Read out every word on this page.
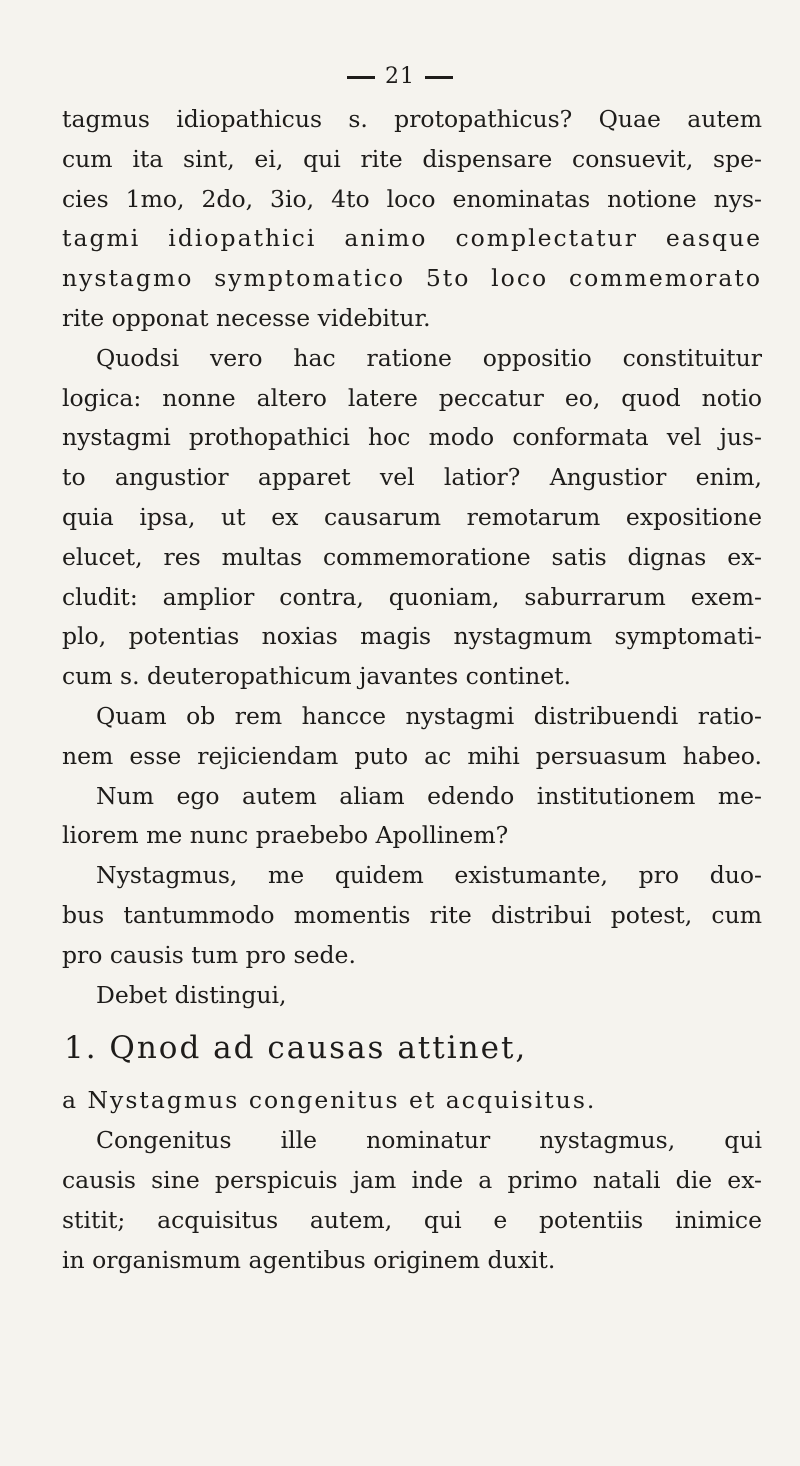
21
tagmus idiopathicus s. protopathicus? Quae autem
cum ita sint, ei, qui rite dispensare consuevit, spe-
cies 1mo, 2do, 3io, 4to loco enominatas notione nys-
tagmi idiopathici animo complectatur easque
nystagmo symptomatico 5to loco commemorato
rite opponat necesse videbitur.
Quodsi vero hac ratione oppositio constituitur
logica: nonne altero latere peccatur eo, quod notio
nystagmi prothopathici hoc modo conformata vel jus-
to angustior apparet vel latior? Angustior enim,
quia ipsa, ut ex causarum remotarum expositione
elucet, res multas commemoratione satis dignas ex-
cludit: amplior contra, quoniam, saburrarum exem-
plo, potentias noxias magis nystagmum symptomati-
cum s. deuteropathicum javantes continet.
Quam ob rem hancce nystagmi distribuendi ratio-
nem esse rejiciendam puto ac mihi persuasum habeo.
Num ego autem aliam edendo institutionem me-
liorem me nunc praebebo Apollinem?
Nystagmus, me quidem existumante, pro duo-
bus tantummodo momentis rite distribui potest, cum
pro causis tum pro sede.
Debet distingui,
1. Qnod ad causas attinet,
a Nystagmus congenitus et acquisitus.
Congenitus ille nominatur nystagmus, qui
causis sine perspicuis jam inde a primo natali die ex-
stitit; acquisitus autem, qui e potentiis inimice
in organismum agentibus originem duxit.
